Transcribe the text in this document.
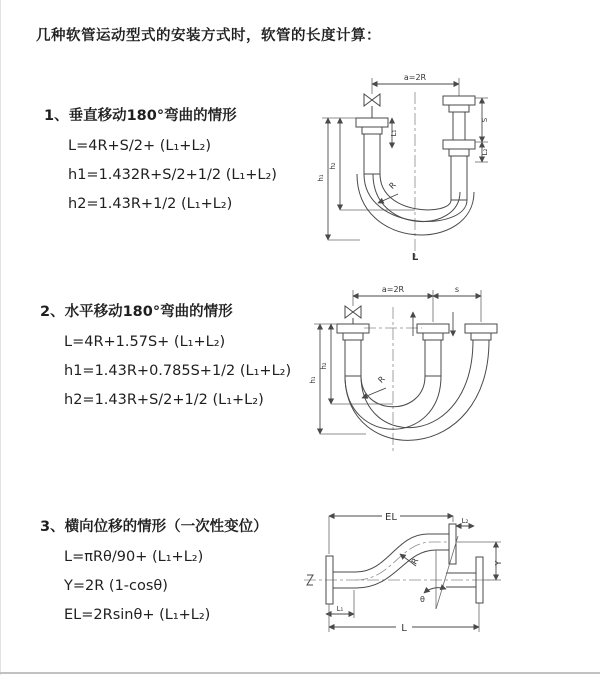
几种软管运动型式的安装方式时，软管的长度计算：
1、垂直移动180°弯曲的情形
L=4R+S/2+ (L₁+L₂)
h1=1.432R+S/2+1/2 (L₁+L₂)
h2=1.43R+1/2 (L₁+L₂)
a=2R
L₁
S
L₂
h₁
h₂
R
L
2、水平移动180°弯曲的情形
L=4R+1.57S+ (L₁+L₂)
h1=1.43R+0.785S+1/2 (L₁+L₂)
h2=1.43R+S/2+1/2 (L₁+L₂)
a=2R	s
h₁
h₂
R
3、横向位移的情形（一次性变位）
L=πRθ/90+ (L₁+L₂)
Y=2R (1-cosθ)
EL=2Rsinθ+ (L₁+L₂)
θ
R
EL	L₂
Y
L₁
L
